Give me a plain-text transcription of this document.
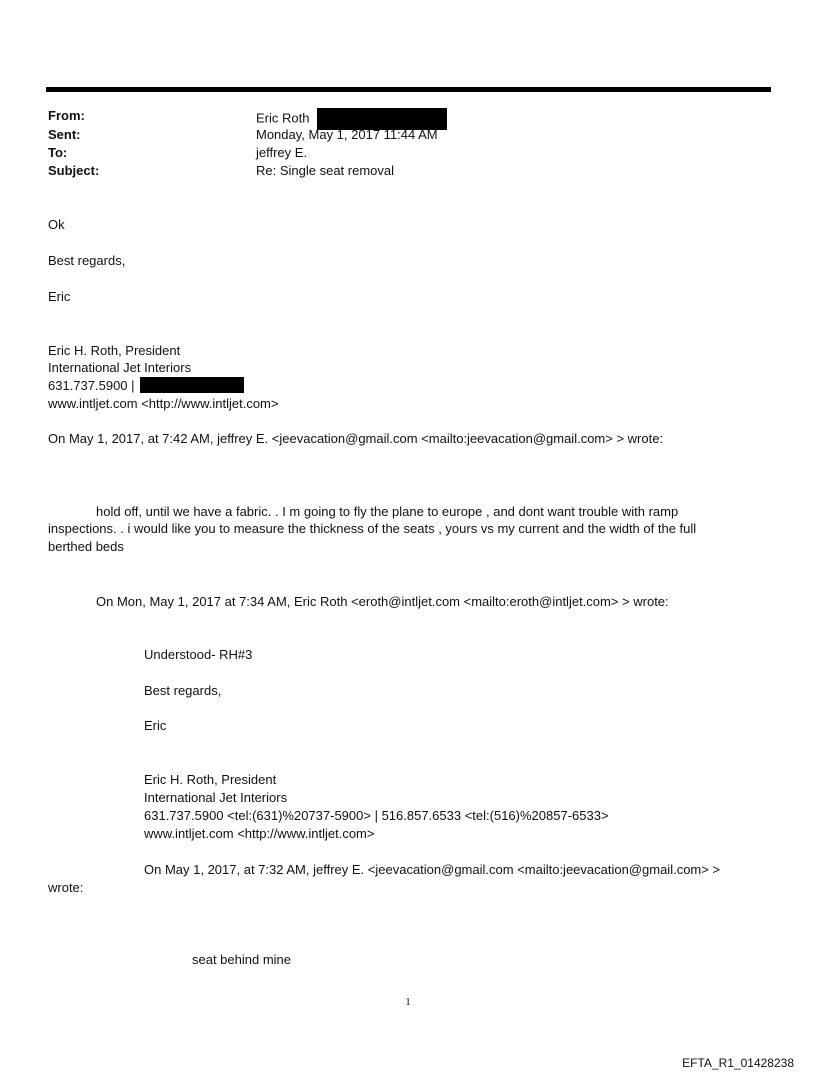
From:	Eric Roth
Sent:	Monday, May 1, 2017 11:44 AM
To:	jeffrey E.
Subject:	Re: Single seat removal
Ok
Best regards,
Eric
Eric H. Roth, President
International Jet Interiors
631.737.5900 |
www.intljet.com <http://www.intljet.com>
On May 1, 2017, at 7:42 AM, jeffrey E. <jeevacation@gmail.com <mailto:jeevacation@gmail.com> > wrote:
hold off, until we have a fabric. . I m going to fly the plane to europe , and dont want trouble with ramp
inspections. . i would like you to measure the thickness of the seats , yours vs my current and the width of the full
berthed beds
On Mon, May 1, 2017 at 7:34 AM, Eric Roth <eroth@intljet.com <mailto:eroth@intljet.com> > wrote:
Understood- RH#3
Best regards,
Eric
Eric H. Roth, President
International Jet Interiors
631.737.5900 <tel:(631)%20737-5900> | 516.857.6533 <tel:(516)%20857-6533>
www.intljet.com <http://www.intljet.com>
On May 1, 2017, at 7:32 AM, jeffrey E. <jeevacation@gmail.com <mailto:jeevacation@gmail.com> >
wrote:
seat behind mine
1
EFTA_R1_01428238
